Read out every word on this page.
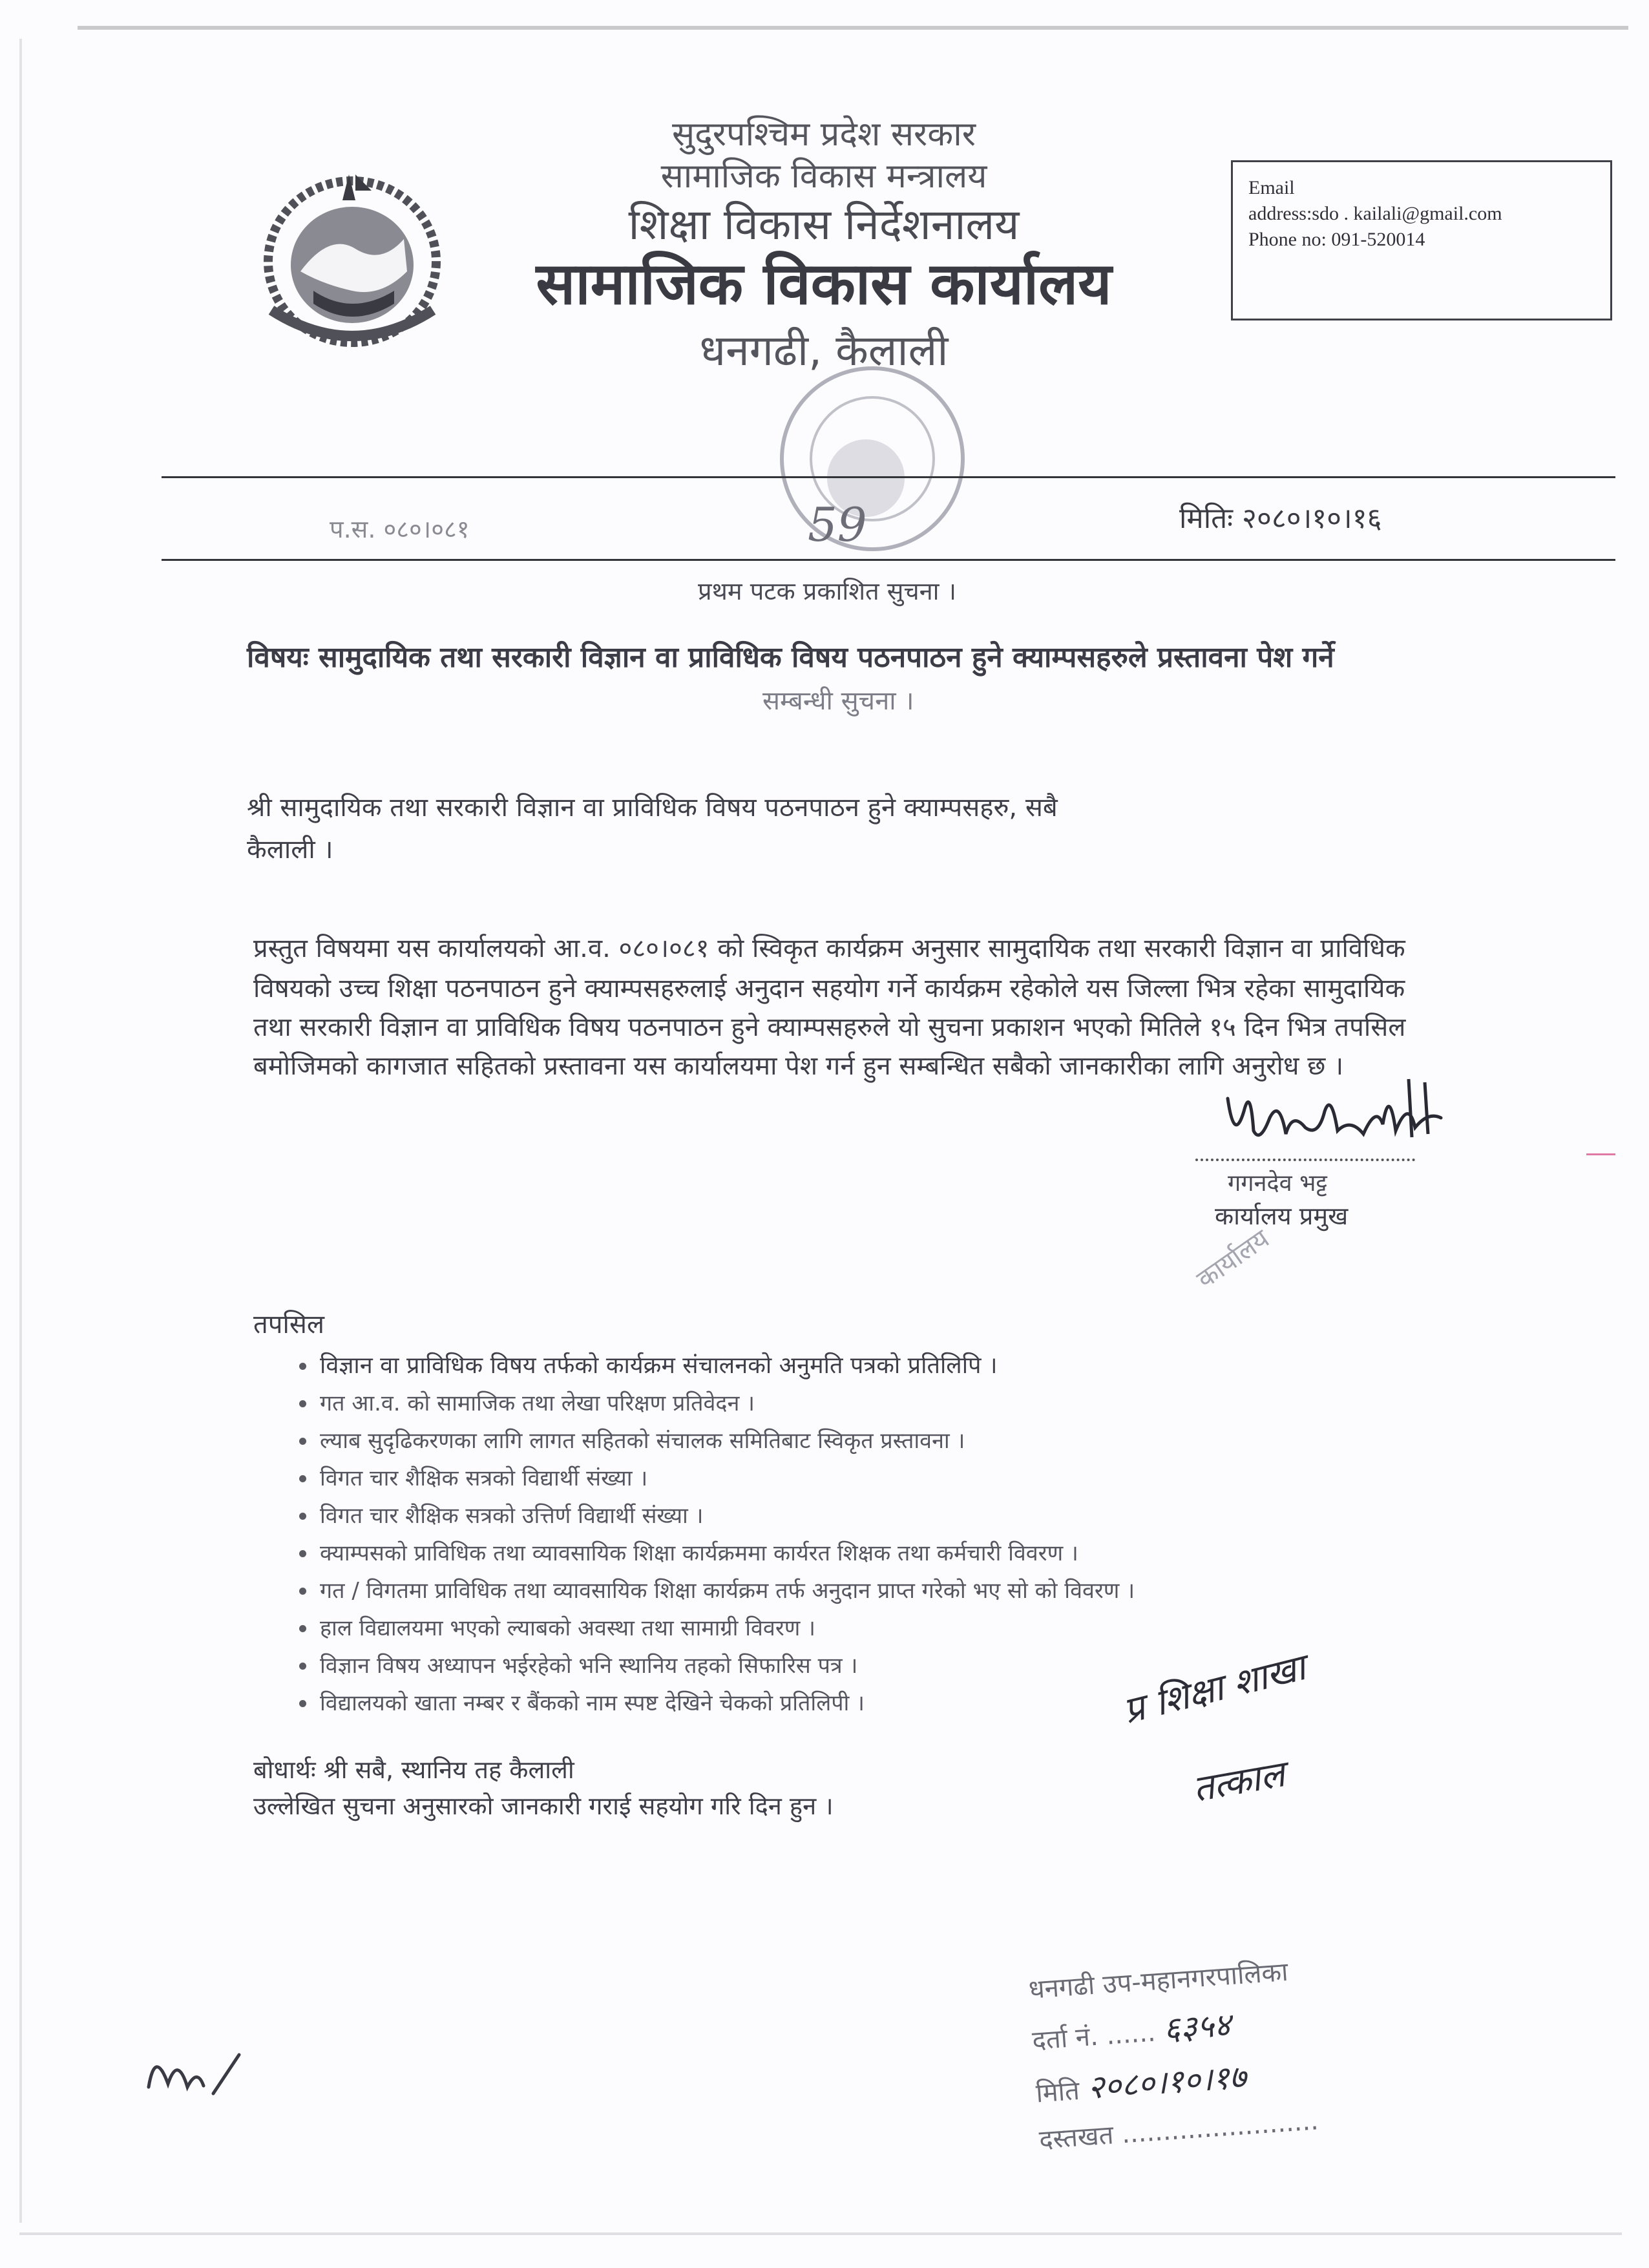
सुदुरपश्चिम प्रदेश सरकार
सामाजिक विकास मन्त्रालय
शिक्षा विकास निर्देशनालय
सामाजिक विकास कार्यालय
धनगढी, कैलाली
Email
address:sdo . kailali@gmail.com
Phone no: 091-520014
प.स. ०८०।०८१	59	मितिः २०८०।१०।१६
प्रथम पटक प्रकाशित सुचना ।
विषयः सामुदायिक तथा सरकारी विज्ञान वा प्राविधिक विषय पठनपाठन हुने क्याम्पसहरुले प्रस्तावना पेश गर्ने
सम्बन्धी सुचना ।
श्री सामुदायिक तथा सरकारी विज्ञान वा प्राविधिक विषय पठनपाठन हुने क्याम्पसहरु, सबै
कैलाली ।
प्रस्तुत विषयमा यस कार्यालयको आ.व. ०८०।०८१ को स्विकृत कार्यक्रम अनुसार सामुदायिक तथा सरकारी विज्ञान वा प्राविधिक
विषयको उच्च शिक्षा पठनपाठन हुने क्याम्पसहरुलाई अनुदान सहयोग गर्ने कार्यक्रम रहेकोले यस जिल्ला भित्र रहेका सामुदायिक
तथा सरकारी विज्ञान वा प्राविधिक विषय पठनपाठन हुने क्याम्पसहरुले यो सुचना प्रकाशन भएको मितिले १५ दिन भित्र तपसिल
बमोजिमको कागजात सहितको प्रस्तावना यस कार्यालयमा पेश गर्न हुन सम्बन्धित सबैको जानकारीका लागि अनुरोध छ ।
गगनदेव भट्ट
कार्यालय प्रमुख
कार्यालय
तपसिल
विज्ञान वा प्राविधिक विषय तर्फको कार्यक्रम संचालनको अनुमति पत्रको प्रतिलिपि ।
गत आ.व. को सामाजिक तथा लेखा परिक्षण प्रतिवेदन ।
ल्याब सुदृढिकरणका लागि लागत सहितको संचालक समितिबाट स्विकृत प्रस्तावना ।
विगत चार शैक्षिक सत्रको विद्यार्थी संख्या ।
विगत चार शैक्षिक सत्रको उत्तिर्ण विद्यार्थी संख्या ।
क्याम्पसको प्राविधिक तथा व्यावसायिक शिक्षा कार्यक्रममा कार्यरत शिक्षक तथा कर्मचारी विवरण ।
गत / विगतमा प्राविधिक तथा व्यावसायिक शिक्षा कार्यक्रम तर्फ अनुदान प्राप्त गरेको भए सो को विवरण ।
हाल विद्यालयमा भएको ल्याबको अवस्था तथा सामाग्री विवरण ।
विज्ञान विषय अध्यापन भईरहेको भनि स्थानिय तहको सिफारिस पत्र ।
विद्यालयको खाता नम्बर र बैंकको नाम स्पष्ट देखिने चेकको प्रतिलिपी ।
बोधार्थः श्री सबै, स्थानिय तह कैलाली
उल्लेखित सुचना अनुसारको जानकारी गराई सहयोग गरि दिन हुन ।
प्र शिक्षा शाखा
तत्काल
धनगढी उप-महानगरपालिका
दर्ता नं. ...... ६३५४
मिति २०८०।१०।१७
दस्तखत ........................
